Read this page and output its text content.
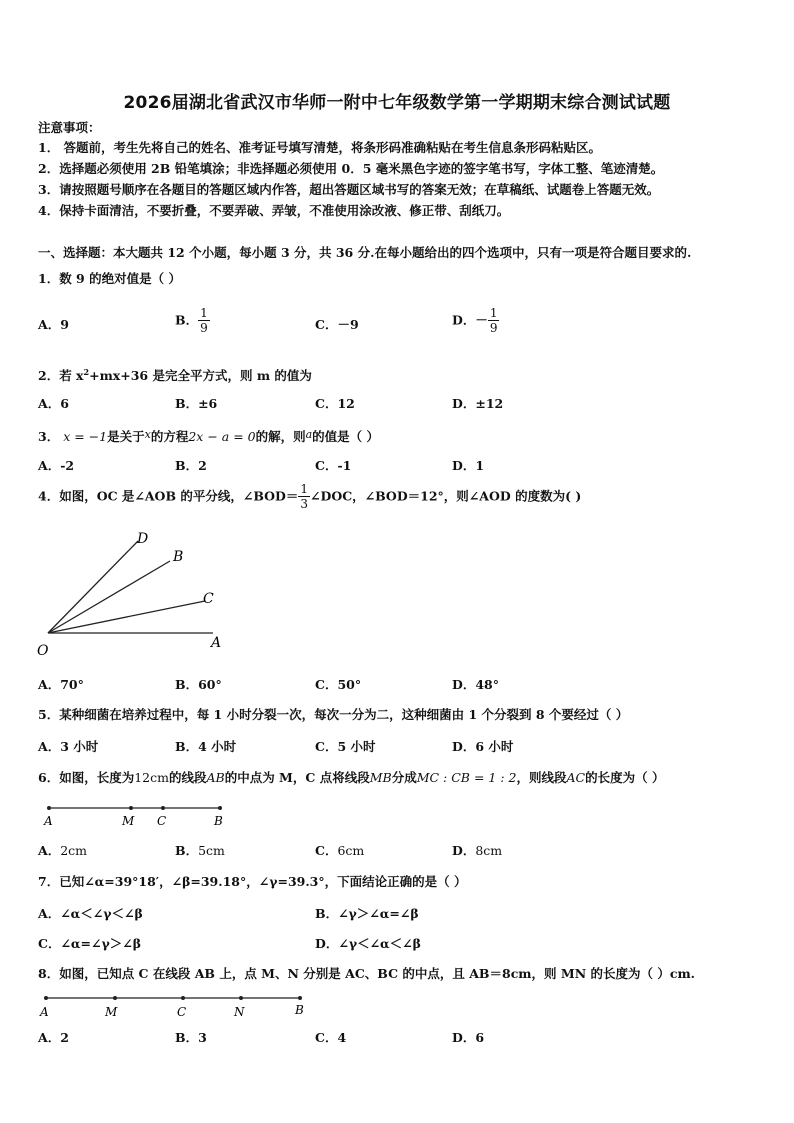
2026届湖北省武汉市华师一附中七年级数学第一学期期末综合测试试题
注意事项：
1． 答题前，考生先将自己的姓名、准考证号填写清楚，将条形码准确粘贴在考生信息条形码粘贴区。
2．选择题必须使用 2B 铅笔填涂；非选择题必须使用 0．5 毫米黑色字迹的签字笔书写，字体工整、笔迹清楚。
3．请按照题号顺序在各题目的答题区域内作答，超出答题区域书写的答案无效；在草稿纸、试题卷上答题无效。
4．保持卡面清洁，不要折叠，不要弄破、弄皱，不准使用涂改液、修正带、刮纸刀。
一、选择题：本大题共 12 个小题，每小题 3 分，共 36 分.在每小题给出的四个选项中，只有一项是符合题目要求的.
1．数 9 的绝对值是（ ）
A．9	B． $\frac{1}{9}$	C．－9	D．－ $\frac{1}{9}$
2．若 $x^2+mx+36$ 是完全平方式，则 m 的值为
A．6	B．±6	C．12	D．±12
3． x = −1是关于x的方程2x − a = 0的解，则a的值是（ ）
A．-2	B．2	C．-1	D．1
4．如图，OC 是∠AOB 的平分线，∠BOD＝ $\frac{1}{3}$ ∠DOC，∠BOD＝12°，则∠AOD 的度数为( )
D
B
C
O	A
A．70°	B．60°	C．50°	D．48°
5．某种细菌在培养过程中，每 1 小时分裂一次，每次一分为二，这种细菌由 1 个分裂到 8 个要经过（ ）
A．3 小时	B．4 小时	C．5 小时	D．6 小时
6．如图，长度为12cm的线段AB的中点为 M，C 点将线段MB分成MC : CB = 1 : 2，则线段AC的长度为（ ）
A	M C	B
A．2cm	B．5cm	C．6cm	D．8cm
7．已知∠α=39°18′，∠β=39.18°，∠γ=39.3°，下面结论正确的是（ ）
A．∠α＜∠γ＜∠β	B．∠γ＞∠α=∠β
C．∠α=∠γ＞∠β	D．∠γ＜∠α＜∠β
8．如图，已知点 C 在线段 AB 上，点 M、N 分别是 AC、BC 的中点，且 AB＝8cm，则 MN 的长度为（ ）cm.
A	M	C	N	B
A．2	B．3	C．4	D．6
